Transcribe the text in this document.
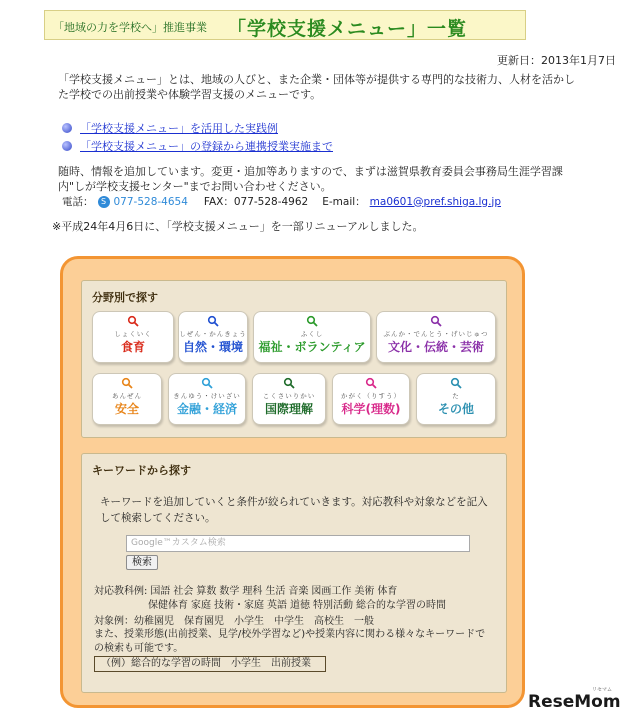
「地域の力を学校へ」推進事業 「学校支援メニュー」一覧
更新日：2013年1月7日
「学校支援メニュー」とは、地域の人びと、また企業・団体等が提供する専門的な技術力、人材を活かした学校での出前授業や体験学習支援のメニューです。
「学校支援メニュー」を活用した実践例
「学校支援メニュー」の登録から連携授業実施まで
随時、情報を追加しています。変更・追加等ありますので、まずは滋賀県教育委員会事務局生涯学習課内"しが学校支援センター"までお問い合わせください。
電話： S 077-528-4654 FAX：077-528-4962 E-mail： ma0601@pref.shiga.lg.jp
※平成24年4月6日に、「学校支援メニュー」を一部リニューアルしました。
分野別で探す
しょくいく
食育
しぜん・かんきょう
自然・環境
ふくし
福祉・ボランティア
ぶんか・でんとう・げいじゅつ
文化・伝統・芸術
あんぜん
安全
きんゆう・けいざい
金融・経済
こくさいりかい
国際理解
かがく（りすう）
科学(理数)
た
その他
キーワードから探す
キーワードを追加していくと条件が絞られていきます。対応教科や対象などを記入して検索してください。
Google™カスタム検索
検索
対応教科例: 国語 社会 算数 数学 理科 生活 音楽 図画工作 美術 体育
保健体育 家庭 技術・家庭 英語 道徳 特別活動 総合的な学習の時間
対象例：幼稚園児　保育園児　小学生　中学生　高校生　一般
また、授業形態(出前授業、見学/校外学習など)や授業内容に関わる様々なキーワードでの検索も可能です。
（例）総合的な学習の時間　小学生　出前授業
リセマム
ReseMom
